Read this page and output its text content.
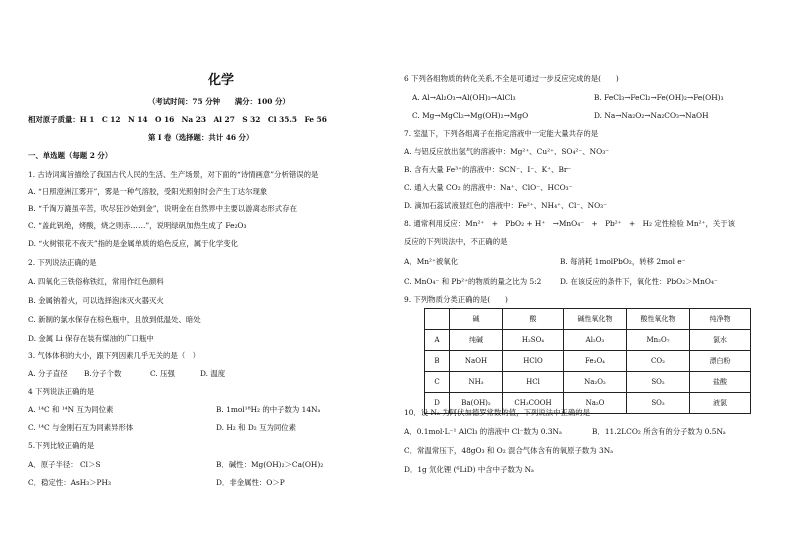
化学
（考试时间：75 分钟　　满分：100 分）
相对原子质量：H 1　C 12　N 14　O 16　Na 23　Al 27　S 32　Cl 35.5　Fe 56
第 I 卷（选择题：共计 46 分）
一、单选题（每题 2 分）
1. 古诗词寓旨描绘了我国古代人民的生活、生产场景，对下面的“诗情画意”分析错误的是
A. “日照澄洲江雾开”，雾是一种气溶胶，受阳光照射时会产生丁达尔现象
B. “千淘万漉虽辛苦，吹尽狂沙始到金”，说明金在自然界中主要以游离态形式存在
C. “盖此钒绝，烤酸，烧之则赤……”，说明绿矾加热生成了 Fe₂O₃
D. “火树银花不夜天”指的是金属单质的焰色反应，属于化学变化
2. 下列说法正确的是
A. 四氧化三铁俗称铁红，常用作红色颜料
B. 金属钠着火，可以选择泡沫灭火器灭火
C. 新制的氯水保存在棕色瓶中，且放到低温处、暗处
D. 金属 Li 保存在装有煤油的广口瓶中
3. 气体体积的大小，跟下列因素几乎无关的是（　）
A. 分子直径 B.分子个数	C. 压强	D. 温度
4 下列说法正确的是
A. ¹⁴C 和 ¹⁴N 互为同位素	B. 1mol¹⁸H₂ 的中子数为 14Nₐ
C. ¹⁴C 与金刚石互为同素异形体	D. H₂ 和 D₂ 互为同位素
5.下列比较正确的是
A．原子半径： Cl＞S	B．碱性：Mg(OH)₂＞Ca(OH)₂
C．稳定性：AsH₃＞PH₃	D．非金属性：O＞P
6 下列各组物质的转化关系,不全是可通过一步反应完成的是(　　)
A. Al→Al₂O₃→Al(OH)₃→AlCl₃	B. FeCl₃→FeCl₂→Fe(OH)₂→Fe(OH)₃
C. Mg→MgCl₂→Mg(OH)₂→MgO	D. Na→Na₂O₂→Na₂CO₃→NaOH
7. 室温下，下列各组离子在指定溶液中一定能大量共存的是
A. 与铝反应放出氢气的溶液中：Mg²⁺、Cu²⁺、SO₄²⁻、NO₃⁻
B. 含有大量 Fe³⁺的溶液中：SCN⁻、I⁻、K⁺、Br⁻
C. 通入大量 CO₂ 的溶液中：Na⁺、ClO⁻、HCO₃⁻
D. 滴加石蕊试液显红色的溶液中：Fe²⁺、NH₄⁺、Cl⁻、NO₃⁻
8. 通常利用反应：Mn²⁺　+　PbO₂ + H⁺　→MnO₄⁻　+　Pb²⁺　+　H₂ 定性检验 Mn²⁺，关于该
反应的下列说法中，不正确的是
A．Mn²⁺被氧化	B. 每消耗 1molPbO₂，转移 2mol e⁻
C. MnO₄⁻ 和 Pb²⁺的物质的量之比为 5:2	D. 在该反应的条件下，氧化性：PbO₂＞MnO₄⁻
9. 下列物质分类正确的是(　　)
	碱	酸	碱性氧化物	酸性氧化物	纯净物
A	纯碱	H₂SO₄	Al₂O₃	Mn₂O₇	氯水
B	NaOH	HClO	Fe₃O₄	CO₂	漂白粉
C	NH₃	HCl	Na₂O₂	SO₂	盐酸
D	Ba(OH)₂	CH₃COOH	Na₂O	SO₃	液氯
10．设 Nₐ 为阿伏加德罗常数的值，下列说法中正确的是
A．0.1mol·L⁻¹ AlCl₃ 的溶液中 Cl⁻数为 0.3Nₐ	B．11.2LCO₂ 所含有的分子数为 0.5Nₐ
C．常温常压下，48gO₃ 和 O₂ 混合气体含有的氧原子数为 3Nₐ
D．1g 氘化锂 (⁶LiD) 中含中子数为 Nₐ
